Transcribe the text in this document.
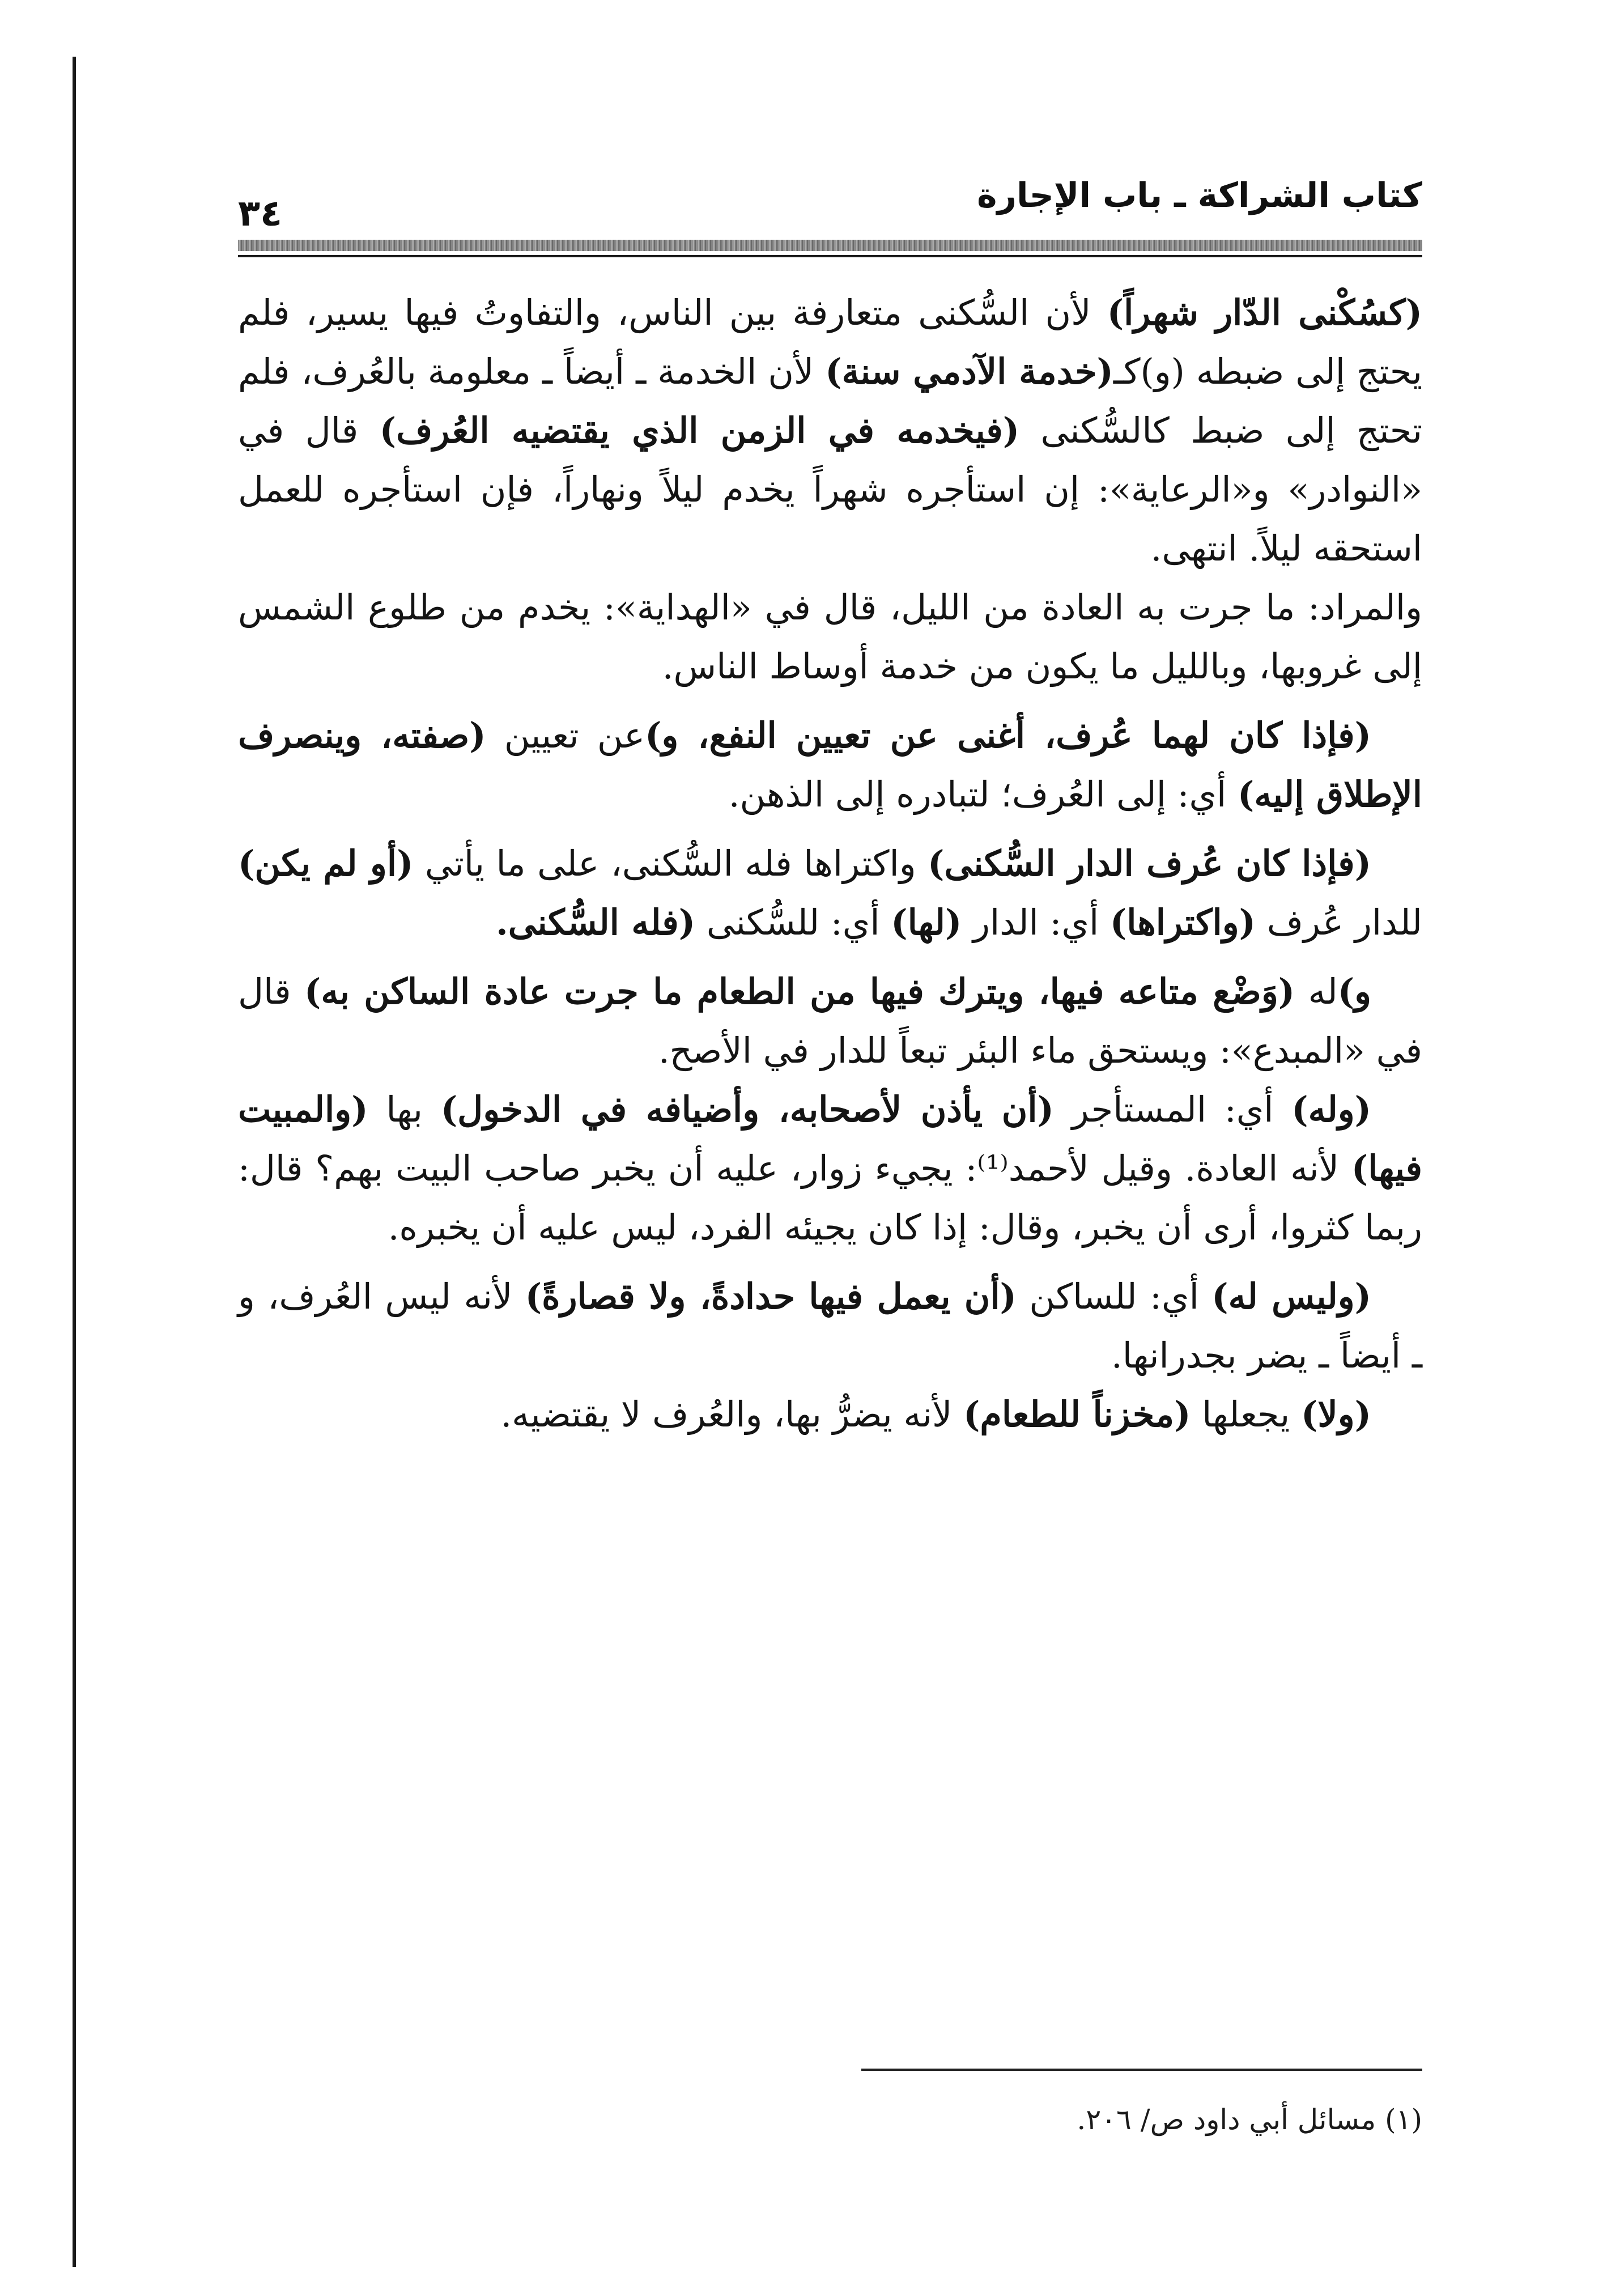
كتاب الشراكة ـ باب الإجارة
٣٤

(كسُكْنى الدّار شهراً) لأن السُّكنى متعارفة بين الناس، والتفاوتُ فيها يسير، فلم يحتج إلى ضبطه (و)كـ(خدمة الآدمي سنة) لأن الخدمة ـ أيضاً ـ معلومة بالعُرف، فلم تحتج إلى ضبط كالسُّكنى (فيخدمه في الزمن الذي يقتضيه العُرف) قال في «النوادر» و«الرعاية»: إن استأجره شهراً يخدم ليلاً ونهاراً، فإن استأجره للعمل استحقه ليلاً. انتهى.

والمراد: ما جرت به العادة من الليل، قال في «الهداية»: يخدم من طلوع الشمس إلى غروبها، وبالليل ما يكون من خدمة أوساط الناس.

(فإذا كان لهما عُرف، أغنى عن تعيين النفع، و)عن تعيين (صفته، وينصرف الإطلاق إليه) أي: إلى العُرف؛ لتبادره إلى الذهن.

(فإذا كان عُرف الدار السُّكنى) واكتراها فله السُّكنى، على ما يأتي (أو لم يكن) للدار عُرف (واكتراها) أي: الدار (لها) أي: للسُّكنى (فله السُّكنى.

و)له (وَضْع متاعه فيها، ويترك فيها من الطعام ما جرت عادة الساكن به) قال في «المبدع»: ويستحق ماء البئر تبعاً للدار في الأصح.

(وله) أي: المستأجر (أن يأذن لأصحابه، وأضيافه في الدخول) بها (والمبيت فيها) لأنه العادة. وقيل لأحمد⁽¹⁾: يجيء زوار، عليه أن يخبر صاحب البيت بهم؟ قال: ربما كثروا، أرى أن يخبر، وقال: إذا كان يجيئه الفرد، ليس عليه أن يخبره.

(وليس له) أي: للساكن (أن يعمل فيها حدادةً، ولا قصارةً) لأنه ليس العُرف، و ـ أيضاً ـ يضر بجدرانها.

(ولا) يجعلها (مخزناً للطعام) لأنه يضرُّ بها، والعُرف لا يقتضيه.

(١) مسائل أبي داود ص/ ٢٠٦.
